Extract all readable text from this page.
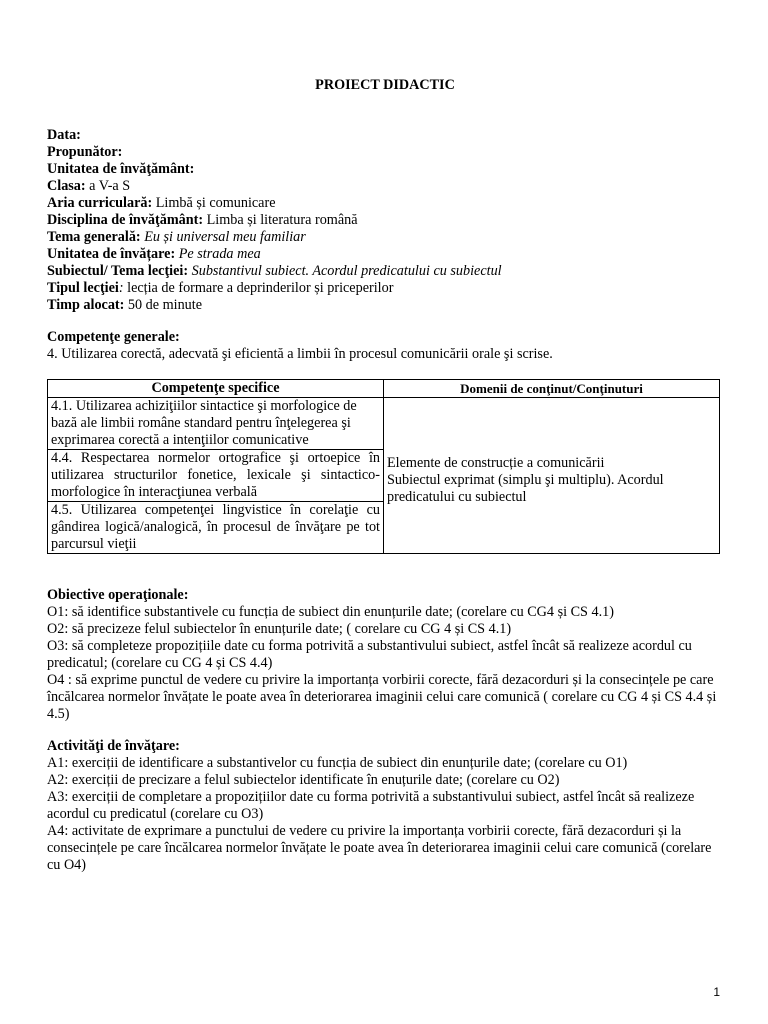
PROIECT DIDACTIC
Data:
Propunător:
Unitatea de învăţământ:
Clasa: a V-a S
Aria curriculară: Limbă și comunicare
Disciplina de învăţământ: Limba și literatura română
Tema generală: Eu și universal meu familiar
Unitatea de învățare: Pe strada mea
Subiectul/ Tema lecţiei: Substantivul subiect. Acordul predicatului cu subiectul
Tipul lecţiei: lecția de formare a deprinderilor și priceperilor
Timp alocat: 50 de minute
Competenţe generale:
4. Utilizarea corectă, adecvată şi eficientă a limbii în procesul comunicării orale şi scrise.
Competenţe specifice	Domenii de conţinut/Conţinuturi
4.1. Utilizarea achiziţiilor sintactice şi morfologice de bază ale limbii române standard pentru înţelegerea şi exprimarea corectă a intenţiilor comunicative	Elemente de construcție a comunicării
Subiectul exprimat (simplu şi multiplu). Acordul predicatului cu subiectul

4.4. Respectarea normelor ortografice şi ortoepice în utilizarea structurilor fonetice, lexicale şi sintactico-morfologice în interacţiunea verbală	
4.5. Utilizarea competenţei lingvistice în corelaţie cu gândirea logică/analogică, în procesul de învăţare pe tot parcursul vieţii	
Obiective operaţionale:
O1: să identifice substantivele cu funcția de subiect din enunțurile date; (corelare cu CG4 și CS 4.1)
O2: să precizeze felul subiectelor în enunțurile date; ( corelare cu CG 4 și CS 4.1)
O3: să completeze propozițiile date cu forma potrivită a substantivului subiect, astfel încât să realizeze acordul cu predicatul; (corelare cu CG 4 și CS 4.4)
O4 : să exprime punctul de vedere cu privire la importanța vorbirii corecte, fără dezacorduri și la consecințele pe care încălcarea normelor învățate le poate avea în deteriorarea imaginii celui care comunică ( corelare cu CG 4 și CS 4.4 și 4.5)
Activităţi de învăţare:
A1: exerciții de identificare a substantivelor cu funcția de subiect din enunțurile date; (corelare cu O1)
A2: exerciții de precizare a felul subiectelor identificate în enuțurile date; (corelare cu O2)
A3: exerciții de completare a propozițiilor date cu forma potrivită a substantivului subiect, astfel încât să realizeze acordul cu predicatul (corelare cu O3)
A4: activitate de exprimare a punctului de vedere cu privire la importanța vorbirii corecte, fără dezacorduri și la consecințele pe care încălcarea normelor învățate le poate avea în deteriorarea imaginii celui care comunică (corelare cu O4)
1
